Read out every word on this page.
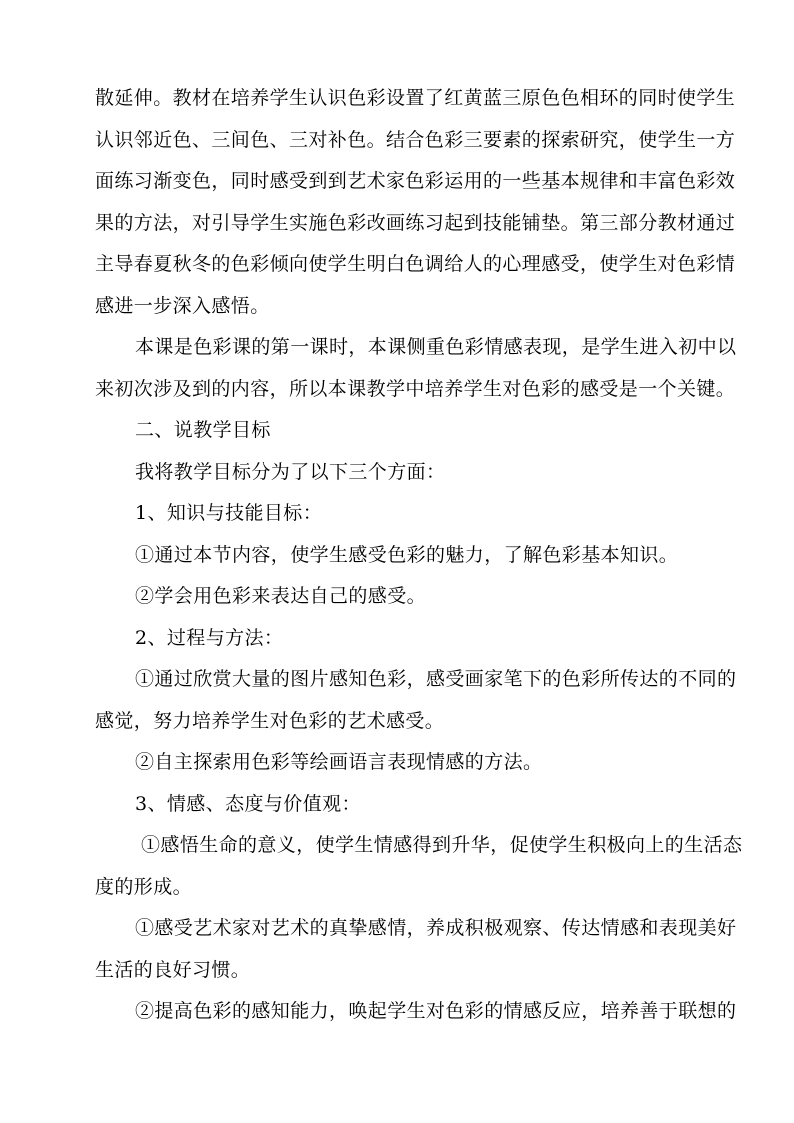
散延伸。教材在培养学生认识色彩设置了红黄蓝三原色色相环的同时使学生
认识邻近色、三间色、三对补色。结合色彩三要素的探索研究，使学生一方
面练习渐变色，同时感受到到艺术家色彩运用的一些基本规律和丰富色彩效
果的方法，对引导学生实施色彩改画练习起到技能铺垫。第三部分教材通过
主导春夏秋冬的色彩倾向使学生明白色调给人的心理感受，使学生对色彩情
感进一步深入感悟。
本课是色彩课的第一课时，本课侧重色彩情感表现，是学生进入初中以
来初次涉及到的内容，所以本课教学中培养学生对色彩的感受是一个关键。
二、说教学目标
我将教学目标分为了以下三个方面：
1、知识与技能目标：
①通过本节内容，使学生感受色彩的魅力，了解色彩基本知识。
②学会用色彩来表达自己的感受。
2、过程与方法：
①通过欣赏大量的图片感知色彩，感受画家笔下的色彩所传达的不同的
感觉，努力培养学生对色彩的艺术感受。
②自主探索用色彩等绘画语言表现情感的方法。
3、情感、态度与价值观：
①感悟生命的意义，使学生情感得到升华，促使学生积极向上的生活态
度的形成。
①感受艺术家对艺术的真挚感情，养成积极观察、传达情感和表现美好
生活的良好习惯。
②提高色彩的感知能力，唤起学生对色彩的情感反应，培养善于联想的
